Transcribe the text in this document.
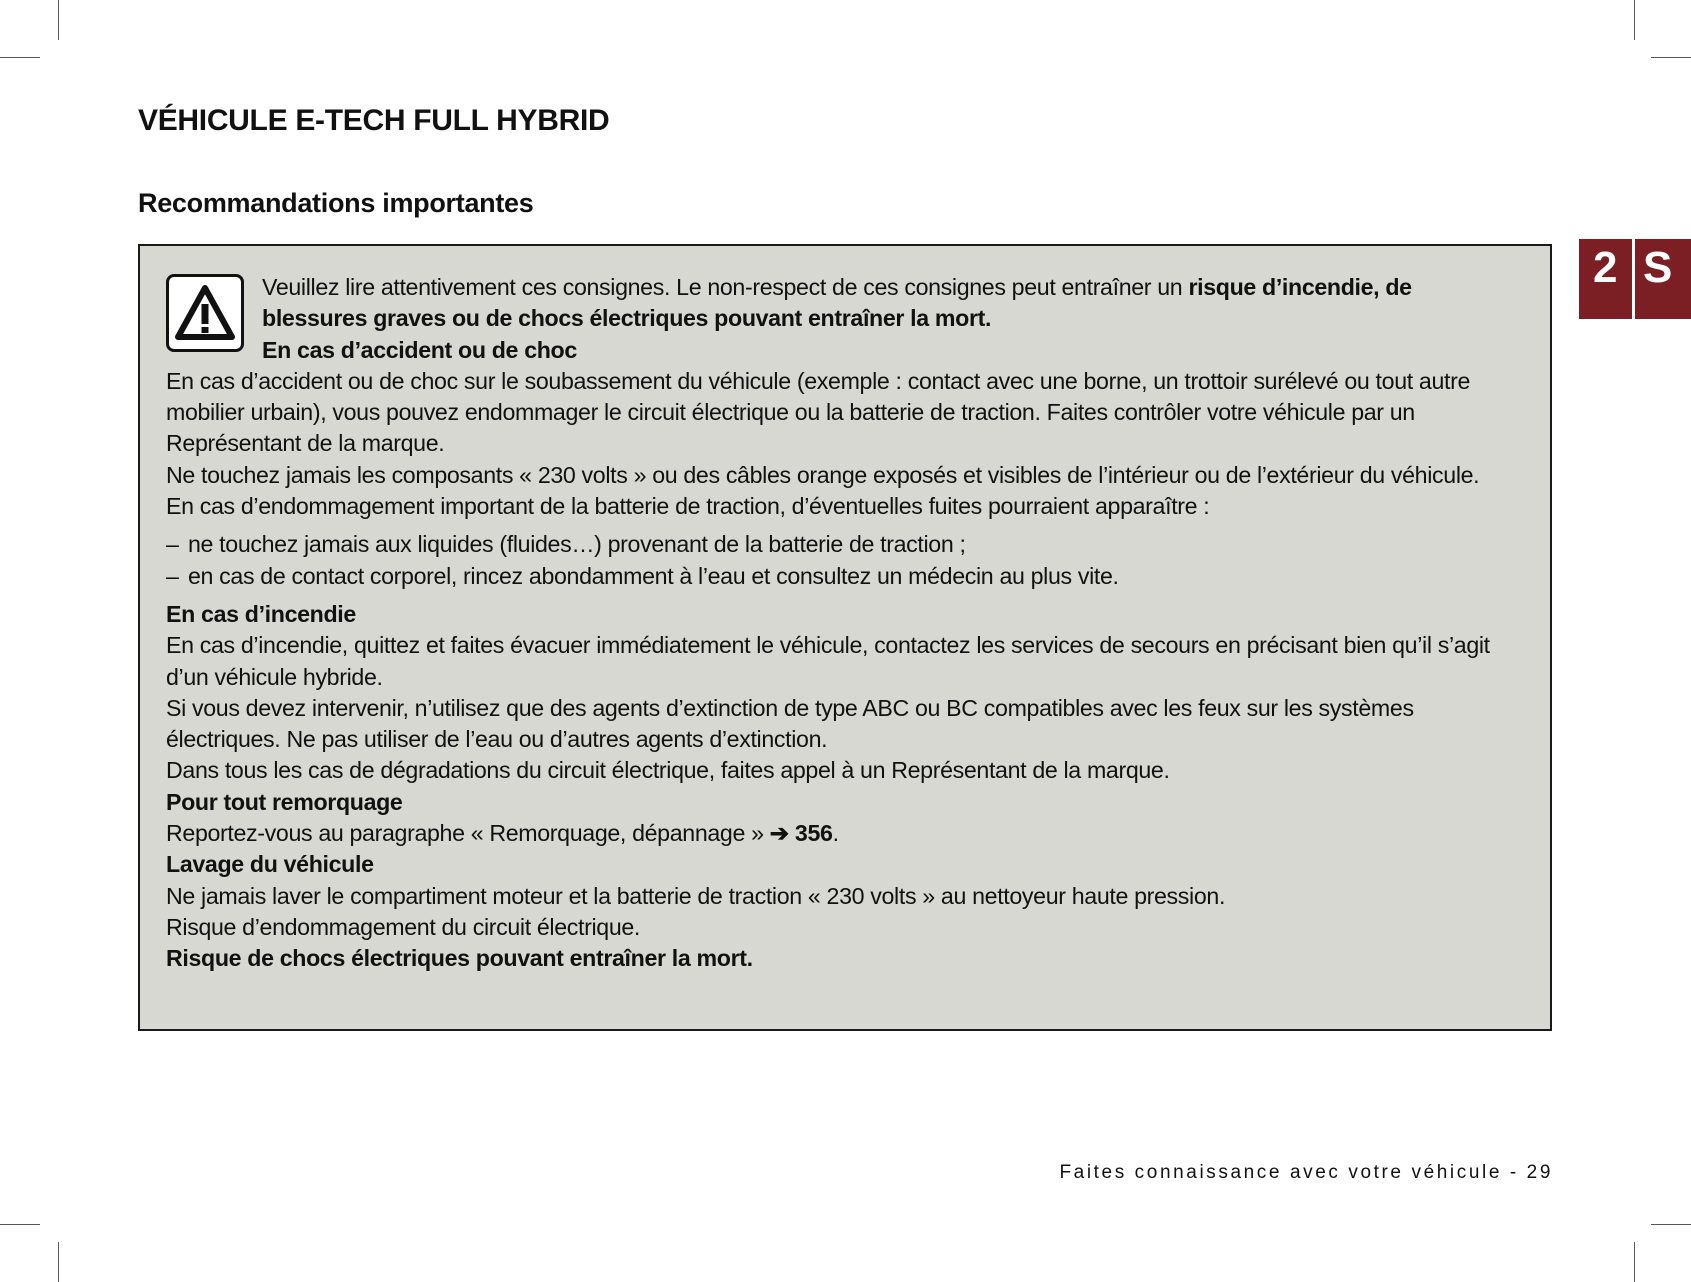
VÉHICULE E-TECH FULL HYBRID
Recommandations importantes
2 S

Veuillez lire attentivement ces consignes. Le non-respect de ces consignes peut entraîner un risque d’incendie, de blessures graves ou de chocs électriques pouvant entraîner la mort.

En cas d’accident ou de choc

En cas d’accident ou de choc sur le soubassement du véhicule (exemple : contact avec une borne, un trottoir surélevé ou tout autre mobilier urbain), vous pouvez endommager le circuit électrique ou la batterie de traction. Faites contrôler votre véhicule par un Représentant de la marque.

Ne touchez jamais les composants « 230 volts » ou des câbles orange exposés et visibles de l’intérieur ou de l’extérieur du véhicule.

En cas d’endommagement important de la batterie de traction, d’éventuelles fuites pourraient apparaître :

– ne touchez jamais aux liquides (fluides…) provenant de la batterie de traction ;
– en cas de contact corporel, rincez abondamment à l’eau et consultez un médecin au plus vite.

En cas d’incendie

En cas d’incendie, quittez et faites évacuer immédiatement le véhicule, contactez les services de secours en précisant bien qu’il s’agit d’un véhicule hybride.

Si vous devez intervenir, n’utilisez que des agents d’extinction de type ABC ou BC compatibles avec les feux sur les systèmes électriques. Ne pas utiliser de l’eau ou d’autres agents d’extinction.

Dans tous les cas de dégradations du circuit électrique, faites appel à un Représentant de la marque.

Pour tout remorquage

Reportez-vous au paragraphe « Remorquage, dépannage » ➔ 356.

Lavage du véhicule

Ne jamais laver le compartiment moteur et la batterie de traction « 230 volts » au nettoyeur haute pression.

Risque d’endommagement du circuit électrique.

Risque de chocs électriques pouvant entraîner la mort.

Faites connaissance avec votre véhicule - 29
